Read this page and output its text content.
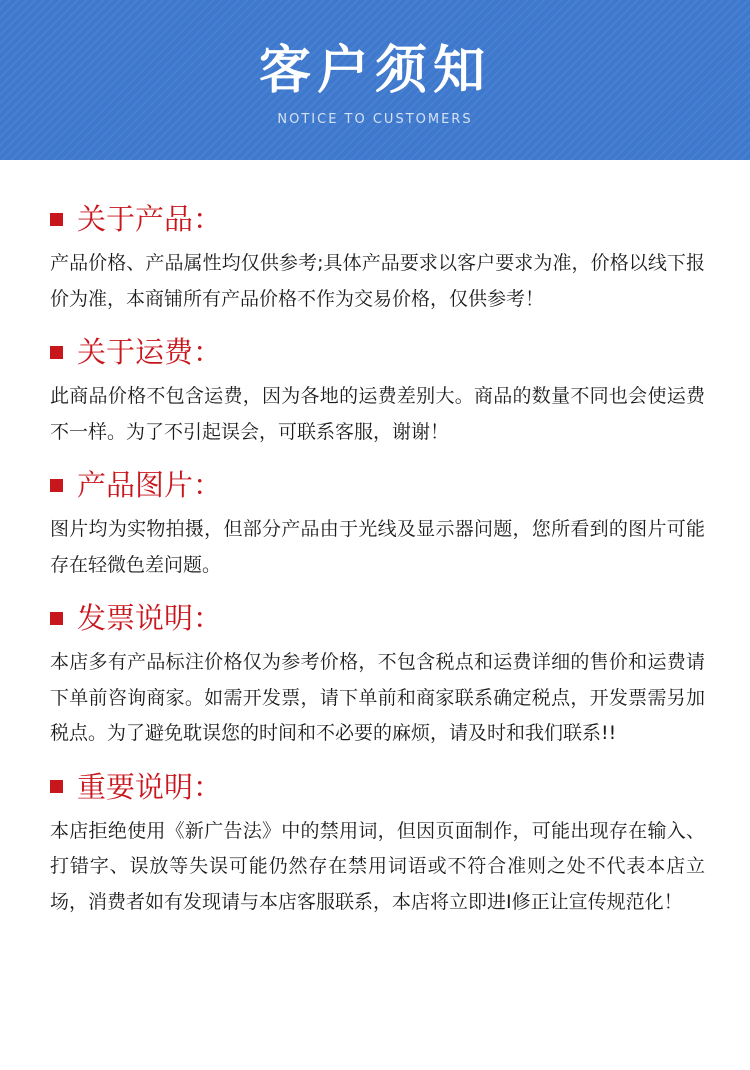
客户须知
NOTICE TO CUSTOMERS
关于产品：

产品价格、产品属性均仅供参考;具体产品要求以客户要求为准，价格以线下报价为准，本商铺所有产品价格不作为交易价格，仅供参考！

关于运费：

此商品价格不包含运费，因为各地的运费差别大。商品的数量不同也会使运费不一样。为了不引起误会，可联系客服，谢谢！

产品图片：

图片均为实物拍摄，但部分产品由于光线及显示器问题，您所看到的图片可能存在轻微色差问题。

发票说明：

本店多有产品标注价格仅为参考价格，不包含税点和运费详细的售价和运费请下单前咨询商家。如需开发票，请下单前和商家联系确定税点，开发票需另加税点。为了避免耽误您的时间和不必要的麻烦，请及时和我们联系!!

重要说明：

本店拒绝使用《新广告法》中的禁用词，但因页面制作，可能出现存在输入、打错字、误放等失误可能仍然存在禁用词语或不符合准则之处不代表本店立场，消费者如有发现请与本店客服联系，本店将立即进I修正让宣传规范化！
